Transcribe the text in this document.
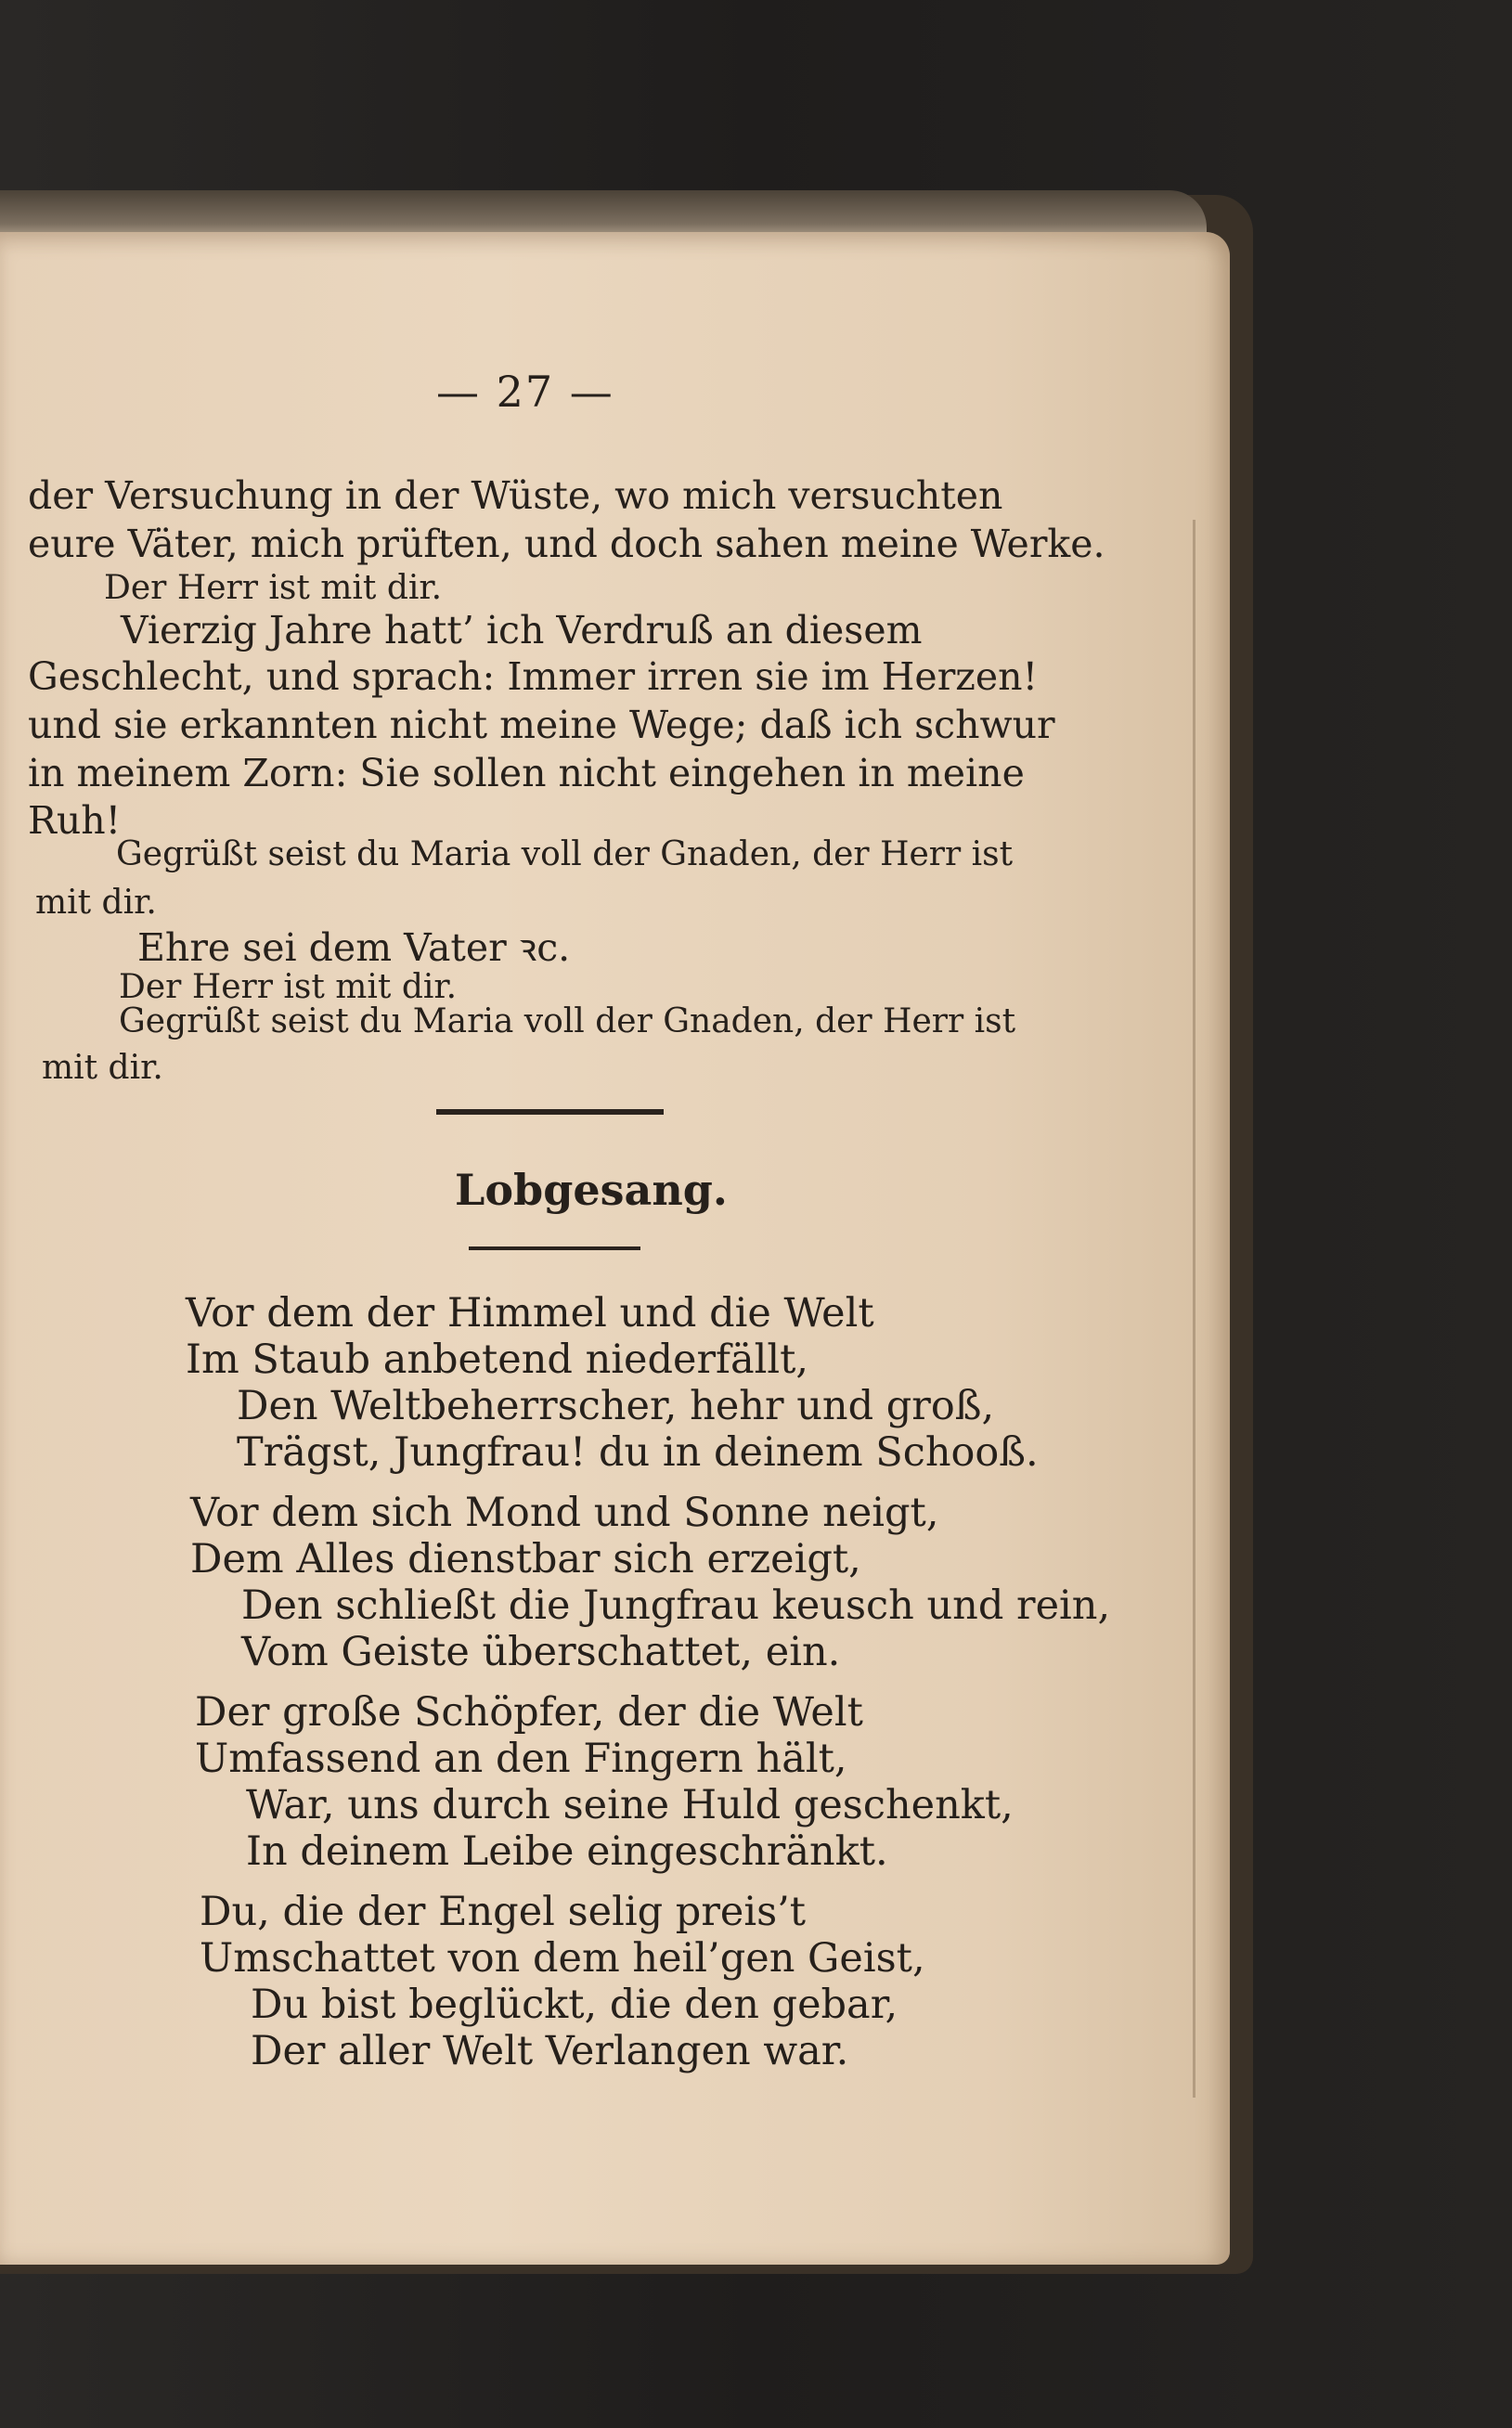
— 27 —
der Versuchung in der Wüste, wo mich versuchten
eure Väter, mich prüften, und doch sahen meine Werke.
Der Herr ist mit dir.
Vierzig Jahre hatt’ ich Verdruß an diesem
Geschlecht, und sprach: Immer irren sie im Herzen!
und sie erkannten nicht meine Wege; daß ich schwur
in meinem Zorn: Sie sollen nicht eingehen in meine
Ruh!
Gegrüßt seist du Maria voll der Gnaden, der Herr ist
mit dir.
Ehre sei dem Vater ꝛc.
Der Herr ist mit dir.
Gegrüßt seist du Maria voll der Gnaden, der Herr ist
mit dir.
Lobgesang.
Vor dem der Himmel und die Welt
Im Staub anbetend niederfällt,
Den Weltbeherrscher, hehr und groß,
Trägst, Jungfrau! du in deinem Schooß.
Vor dem sich Mond und Sonne neigt,
Dem Alles dienstbar sich erzeigt,
Den schließt die Jungfrau keusch und rein,
Vom Geiste überschattet, ein.
Der große Schöpfer, der die Welt
Umfassend an den Fingern hält,
War, uns durch seine Huld geschenkt,
In deinem Leibe eingeschränkt.
Du, die der Engel selig preis’t
Umschattet von dem heil’gen Geist,
Du bist beglückt, die den gebar,
Der aller Welt Verlangen war.
